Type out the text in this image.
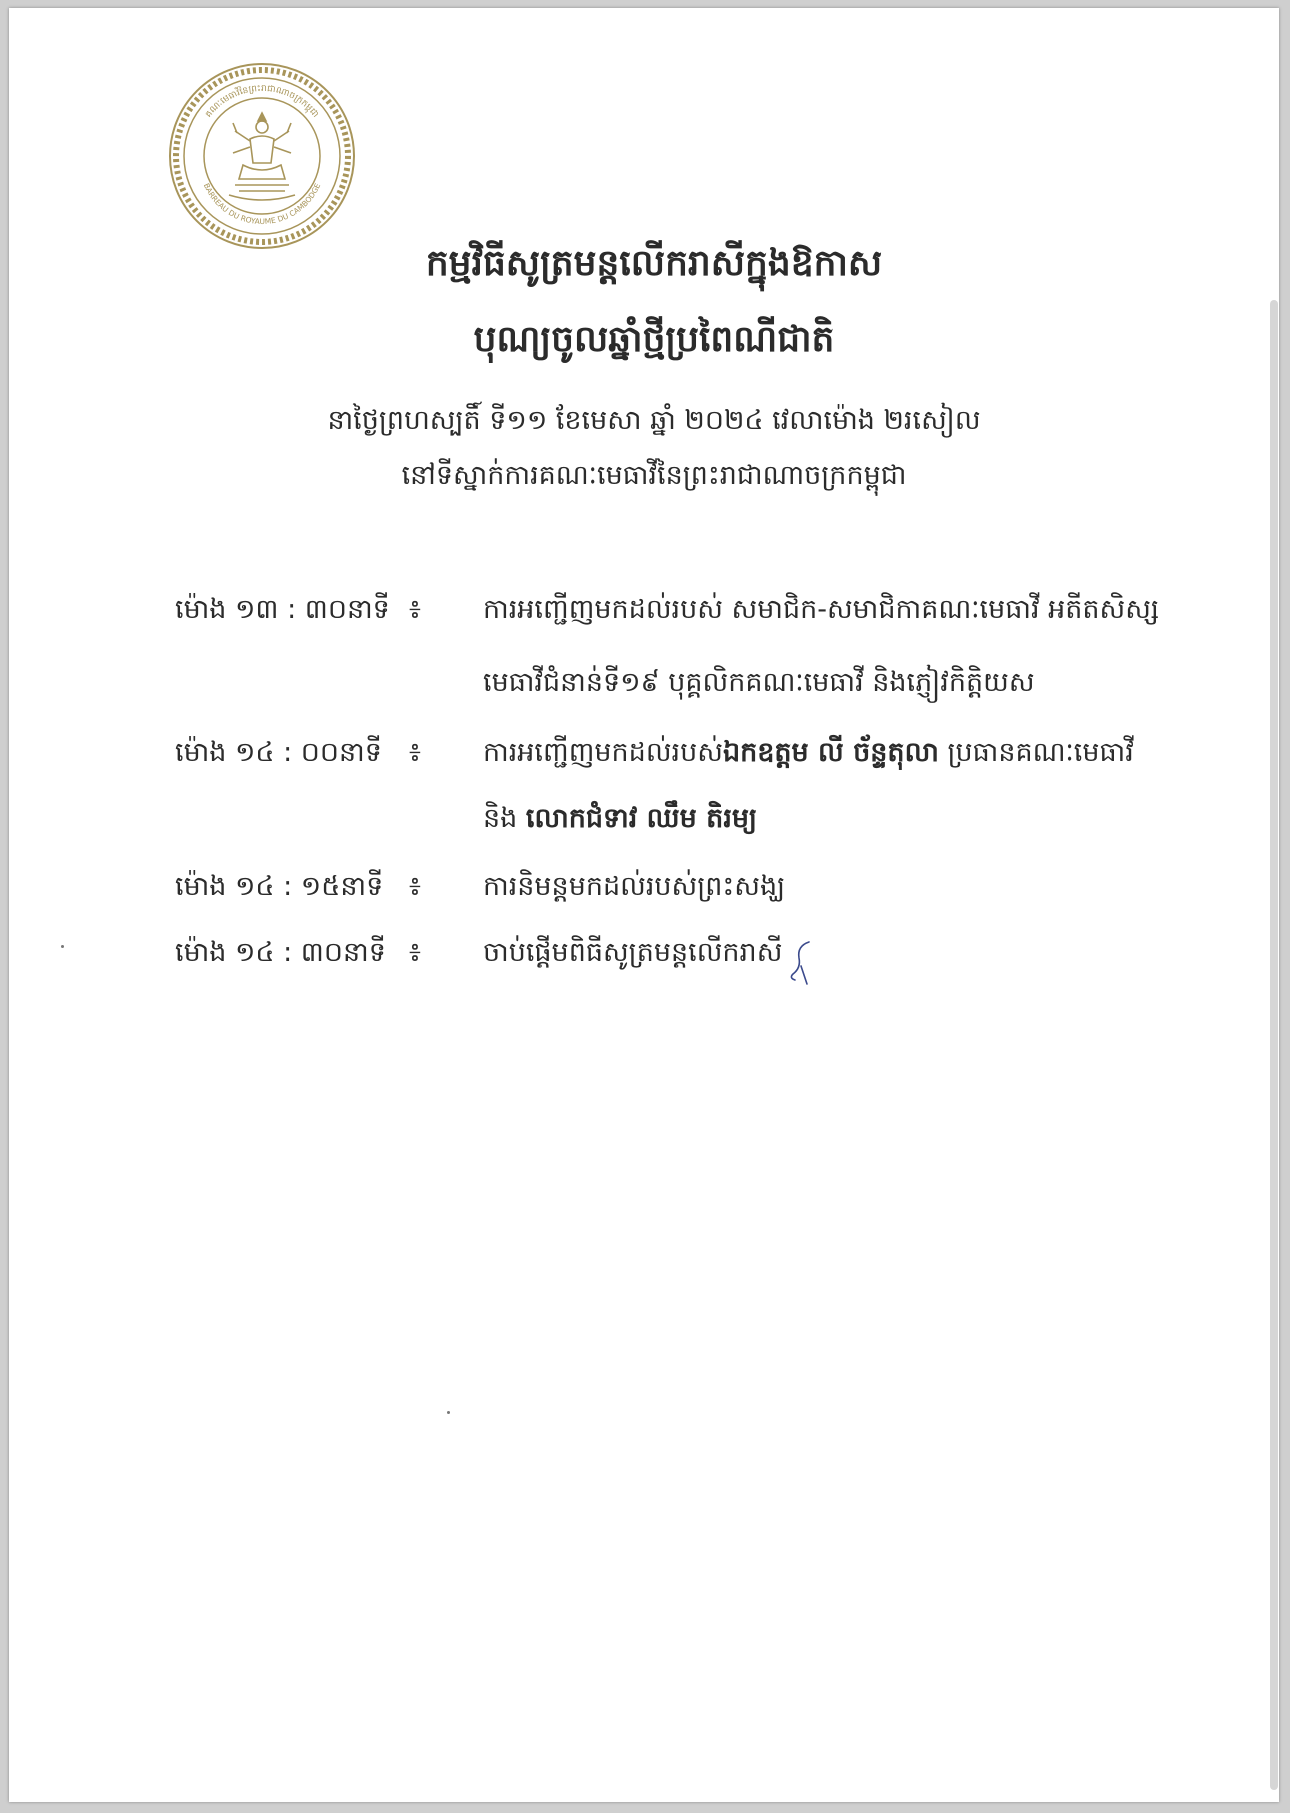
គណៈមេធាវីនៃព្រះរាជាណាចក្រកម្ពុជា
BARREAU DU ROYAUME DU CAMBODGE
កម្មវិធីសូត្រមន្តលើករាសីក្នុងឱកាស
បុណ្យចូលឆ្នាំថ្មីប្រពៃណីជាតិ
នាថ្ងៃព្រហស្បតិ៍ ទី១១ ខែមេសា ឆ្នាំ ២០២៤ វេលាម៉ោង ២រសៀល
នៅទីស្នាក់ការគណៈមេធាវីនៃព្រះរាជាណាចក្រកម្ពុជា
ម៉ោង ១៣ : ៣០នាទី ៖ ការអញ្ជើញមកដល់របស់ សមាជិក-សមាជិកាគណៈមេធាវី អតីតសិស្ស
មេធាវីជំនាន់ទី១៩ បុគ្គលិកគណៈមេធាវី និងភ្ញៀវកិត្តិយស
ម៉ោង ១៤ : ០០នាទី ៖ ការអញ្ជើញមកដល់របស់ឯកឧត្តម លី ច័ន្ទតុលា ប្រធានគណៈមេធាវី
និង លោកជំទាវ ឈឹម តិរម្យ
ម៉ោង ១៤ : ១៥នាទី ៖ ការនិមន្តមកដល់របស់ព្រះសង្ឃ
ម៉ោង ១៤ : ៣០នាទី ៖ ចាប់ផ្តើមពិធីសូត្រមន្តលើករាសី
